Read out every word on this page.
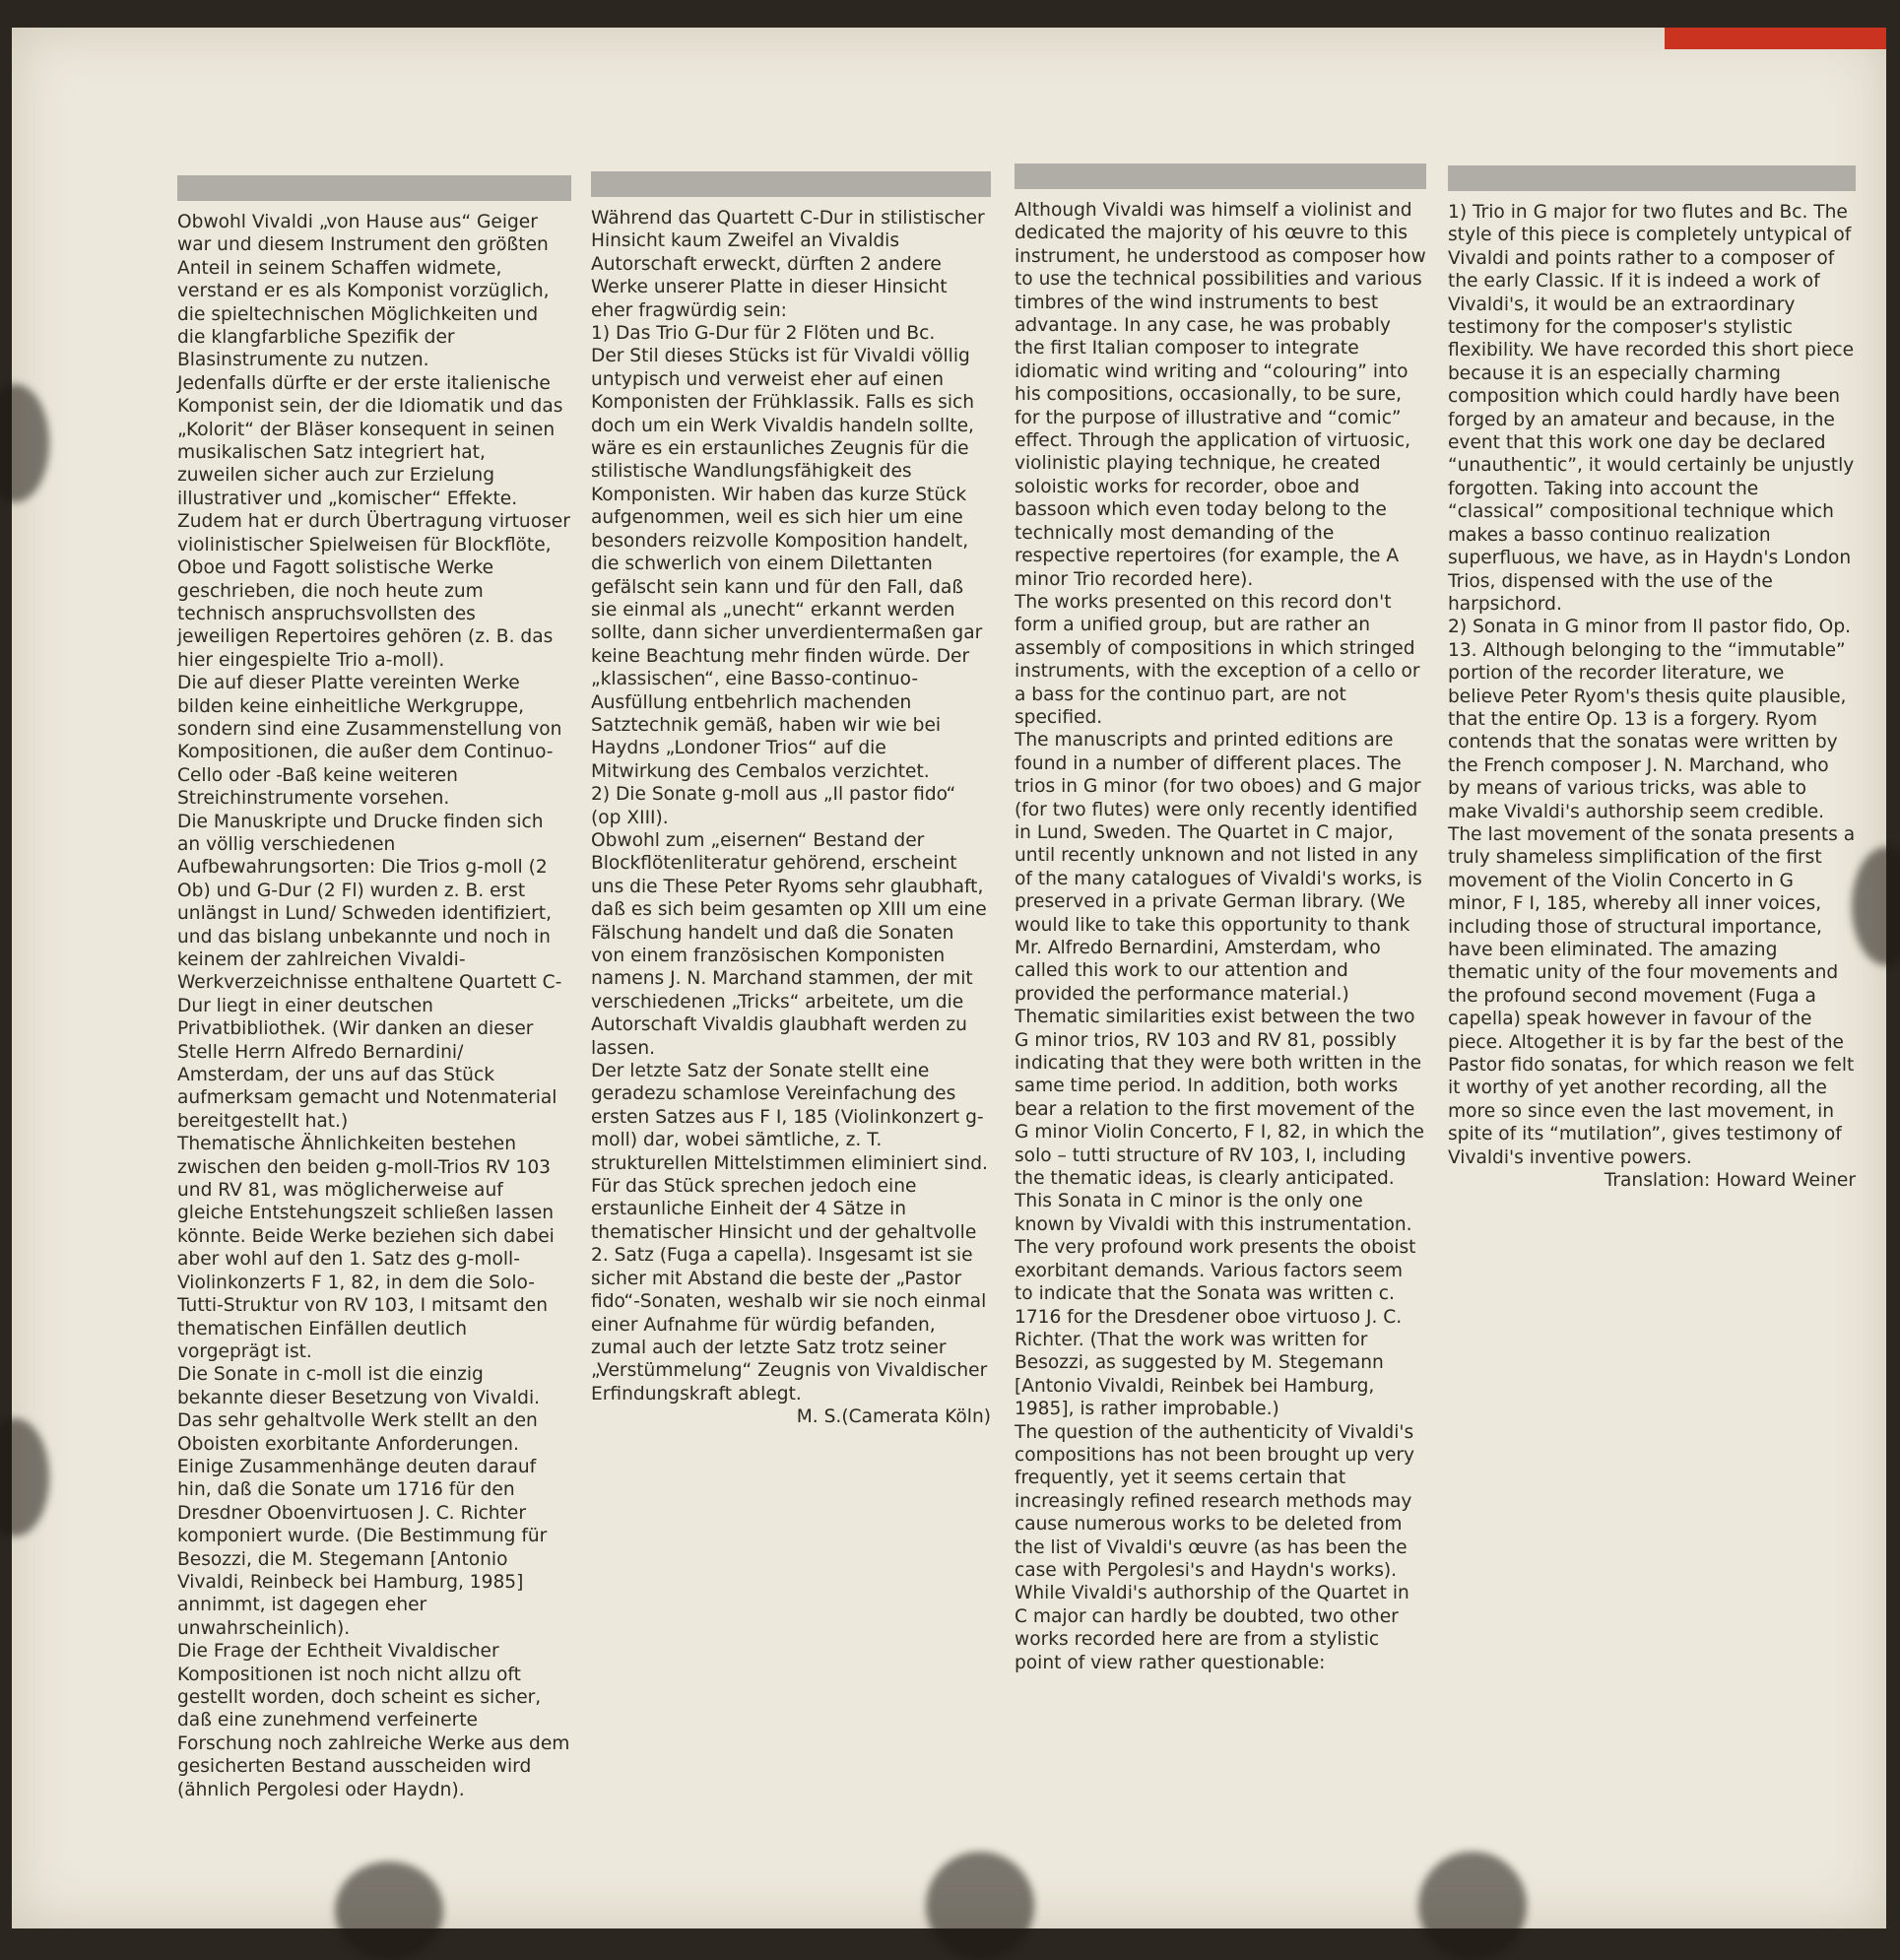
Obwohl Vivaldi „von Hause aus“ Geiger war und diesem Instrument den größten Anteil in seinem Schaffen widmete, verstand er es als Komponist vorzüglich, die spieltechnischen Möglichkeiten und die klangfarbliche Spezifik der Blasinstrumente zu nutzen.

Jedenfalls dürfte er der erste italienische Komponist sein, der die Idiomatik und das „Kolorit“ der Bläser konsequent in seinen musikalischen Satz integriert hat, zuweilen sicher auch zur Erzielung illustrativer und „komischer“ Effekte.

Zudem hat er durch Übertragung virtuoser violinistischer Spielweisen für Blockflöte, Oboe und Fagott solistische Werke geschrieben, die noch heute zum technisch anspruchsvollsten des jeweiligen Repertoires gehören (z. B. das hier eingespielte Trio a-moll).

Die auf dieser Platte vereinten Werke bilden keine einheitliche Werkgruppe, sondern sind eine Zusammenstellung von Kompositionen, die außer dem Continuo-Cello oder -Baß keine weiteren Streichinstrumente vorsehen.

Die Manuskripte und Drucke finden sich an völlig verschiedenen Aufbewahrungsorten: Die Trios g-moll (2 Ob) und G-Dur (2 Fl) wurden z. B. erst unlängst in Lund/ Schweden identifiziert, und das bislang unbekannte und noch in keinem der zahlreichen Vivaldi-Werkverzeichnisse enthaltene Quartett C-Dur liegt in einer deutschen Privatbibliothek. (Wir danken an dieser Stelle Herrn Alfredo Bernardini/ Amsterdam, der uns auf das Stück aufmerksam gemacht und Notenmaterial bereitgestellt hat.)

Thematische Ähnlichkeiten bestehen zwischen den beiden g-moll-Trios RV 103 und RV 81, was möglicherweise auf gleiche Entstehungszeit schließen lassen könnte. Beide Werke beziehen sich dabei aber wohl auf den 1. Satz des g-moll-Violinkonzerts F 1, 82, in dem die Solo-Tutti-Struktur von RV 103, I mitsamt den thematischen Einfällen deutlich vorgeprägt ist.

Die Sonate in c-moll ist die einzig bekannte dieser Besetzung von Vivaldi. Das sehr gehaltvolle Werk stellt an den Oboisten exorbitante Anforderungen. Einige Zusammenhänge deuten darauf hin, daß die Sonate um 1716 für den Dresdner Oboenvirtuosen J. C. Richter komponiert wurde. (Die Bestimmung für Besozzi, die M. Stegemann [Antonio Vivaldi, Reinbeck bei Hamburg, 1985] annimmt, ist dagegen eher unwahrscheinlich).

Die Frage der Echtheit Vivaldischer Kompositionen ist noch nicht allzu oft gestellt worden, doch scheint es sicher, daß eine zunehmend verfeinerte Forschung noch zahlreiche Werke aus dem gesicherten Bestand ausscheiden wird (ähnlich Pergolesi oder Haydn).

Während das Quartett C-Dur in stilistischer Hinsicht kaum Zweifel an Vivaldis Autorschaft erweckt, dürften 2 andere Werke unserer Platte in dieser Hinsicht eher fragwürdig sein:

1) Das Trio G-Dur für 2 Flöten und Bc.

Der Stil dieses Stücks ist für Vivaldi völlig untypisch und verweist eher auf einen Komponisten der Frühklassik. Falls es sich doch um ein Werk Vivaldis handeln sollte, wäre es ein erstaunliches Zeugnis für die stilistische Wandlungsfähigkeit des Komponisten. Wir haben das kurze Stück aufgenommen, weil es sich hier um eine besonders reizvolle Komposition handelt, die schwerlich von einem Dilettanten gefälscht sein kann und für den Fall, daß sie einmal als „unecht“ erkannt werden sollte, dann sicher unverdientermaßen gar keine Beachtung mehr finden würde. Der „klassischen“, eine Basso-continuo-Ausfüllung entbehrlich machenden Satztechnik gemäß, haben wir wie bei Haydns „Londoner Trios“ auf die Mitwirkung des Cembalos verzichtet.

2) Die Sonate g-moll aus „Il pastor fido“ (op XIII).

Obwohl zum „eisernen“ Bestand der Blockflötenliteratur gehörend, erscheint uns die These Peter Ryoms sehr glaubhaft, daß es sich beim gesamten op XIII um eine Fälschung handelt und daß die Sonaten von einem französischen Komponisten namens J. N. Marchand stammen, der mit verschiedenen „Tricks“ arbeitete, um die Autorschaft Vivaldis glaubhaft werden zu lassen.

Der letzte Satz der Sonate stellt eine geradezu schamlose Vereinfachung des ersten Satzes aus F I, 185 (Violinkonzert g-moll) dar, wobei sämtliche, z. T. strukturellen Mittelstimmen eliminiert sind.

Für das Stück sprechen jedoch eine erstaunliche Einheit der 4 Sätze in thematischer Hinsicht und der gehaltvolle 2. Satz (Fuga a capella). Insgesamt ist sie sicher mit Abstand die beste der „Pastor fido“-Sonaten, weshalb wir sie noch einmal einer Aufnahme für würdig befanden, zumal auch der letzte Satz trotz seiner „Verstümmelung“ Zeugnis von Vivaldischer Erfindungskraft ablegt.

M. S.(Camerata Köln)

Although Vivaldi was himself a violinist and dedicated the majority of his œuvre to this instrument, he understood as composer how to use the technical possibilities and various timbres of the wind instruments to best advantage. In any case, he was probably the first Italian composer to integrate idiomatic wind writing and “colouring” into his compositions, occasionally, to be sure, for the purpose of illustrative and “comic” effect. Through the application of virtuosic, violinistic playing technique, he created soloistic works for recorder, oboe and bassoon which even today belong to the technically most demanding of the respective repertoires (for example, the A minor Trio recorded here).

The works presented on this record don't form a unified group, but are rather an assembly of compositions in which stringed instruments, with the exception of a cello or a bass for the continuo part, are not specified.

The manuscripts and printed editions are found in a number of different places. The trios in G minor (for two oboes) and G major (for two flutes) were only recently identified in Lund, Sweden. The Quartet in C major, until recently unknown and not listed in any of the many catalogues of Vivaldi's works, is preserved in a private German library. (We would like to take this opportunity to thank Mr. Alfredo Bernardini, Amsterdam, who called this work to our attention and provided the performance material.)

Thematic similarities exist between the two G minor trios, RV 103 and RV 81, possibly indicating that they were both written in the same time period. In addition, both works bear a relation to the first movement of the G minor Violin Concerto, F I, 82, in which the solo – tutti structure of RV 103, I, including the thematic ideas, is clearly anticipated.

This Sonata in C minor is the only one known by Vivaldi with this instrumentation. The very profound work presents the oboist exorbitant demands. Various factors seem to indicate that the Sonata was written c. 1716 for the Dresdener oboe virtuoso J. C. Richter. (That the work was written for Besozzi, as suggested by M. Stegemann [Antonio Vivaldi, Reinbek bei Hamburg, 1985], is rather improbable.)

The question of the authenticity of Vivaldi's compositions has not been brought up very frequently, yet it seems certain that increasingly refined research methods may cause numerous works to be deleted from the list of Vivaldi's œuvre (as has been the case with Pergolesi's and Haydn's works). While Vivaldi's authorship of the Quartet in C major can hardly be doubted, two other works recorded here are from a stylistic point of view rather questionable:

1) Trio in G major for two flutes and Bc. The style of this piece is completely untypical of Vivaldi and points rather to a composer of the early Classic. If it is indeed a work of Vivaldi's, it would be an extraordinary testimony for the composer's stylistic flexibility. We have recorded this short piece because it is an especially charming composition which could hardly have been forged by an amateur and because, in the event that this work one day be declared “unauthentic”, it would certainly be unjustly forgotten. Taking into account the “classical” compositional technique which makes a basso continuo realization superfluous, we have, as in Haydn's London Trios, dispensed with the use of the harpsichord.

2) Sonata in G minor from Il pastor fido, Op. 13. Although belonging to the “immutable” portion of the recorder literature, we believe Peter Ryom's thesis quite plausible, that the entire Op. 13 is a forgery. Ryom contends that the sonatas were written by the French composer J. N. Marchand, who by means of various tricks, was able to make Vivaldi's authorship seem credible. The last movement of the sonata presents a truly shameless simplification of the first movement of the Violin Concerto in G minor, F I, 185, whereby all inner voices, including those of structural importance, have been eliminated. The amazing thematic unity of the four movements and the profound second movement (Fuga a capella) speak however in favour of the piece. Altogether it is by far the best of the Pastor fido sonatas, for which reason we felt it worthy of yet another recording, all the more so since even the last movement, in spite of its “mutilation”, gives testimony of Vivaldi's inventive powers.

Translation: Howard Weiner
